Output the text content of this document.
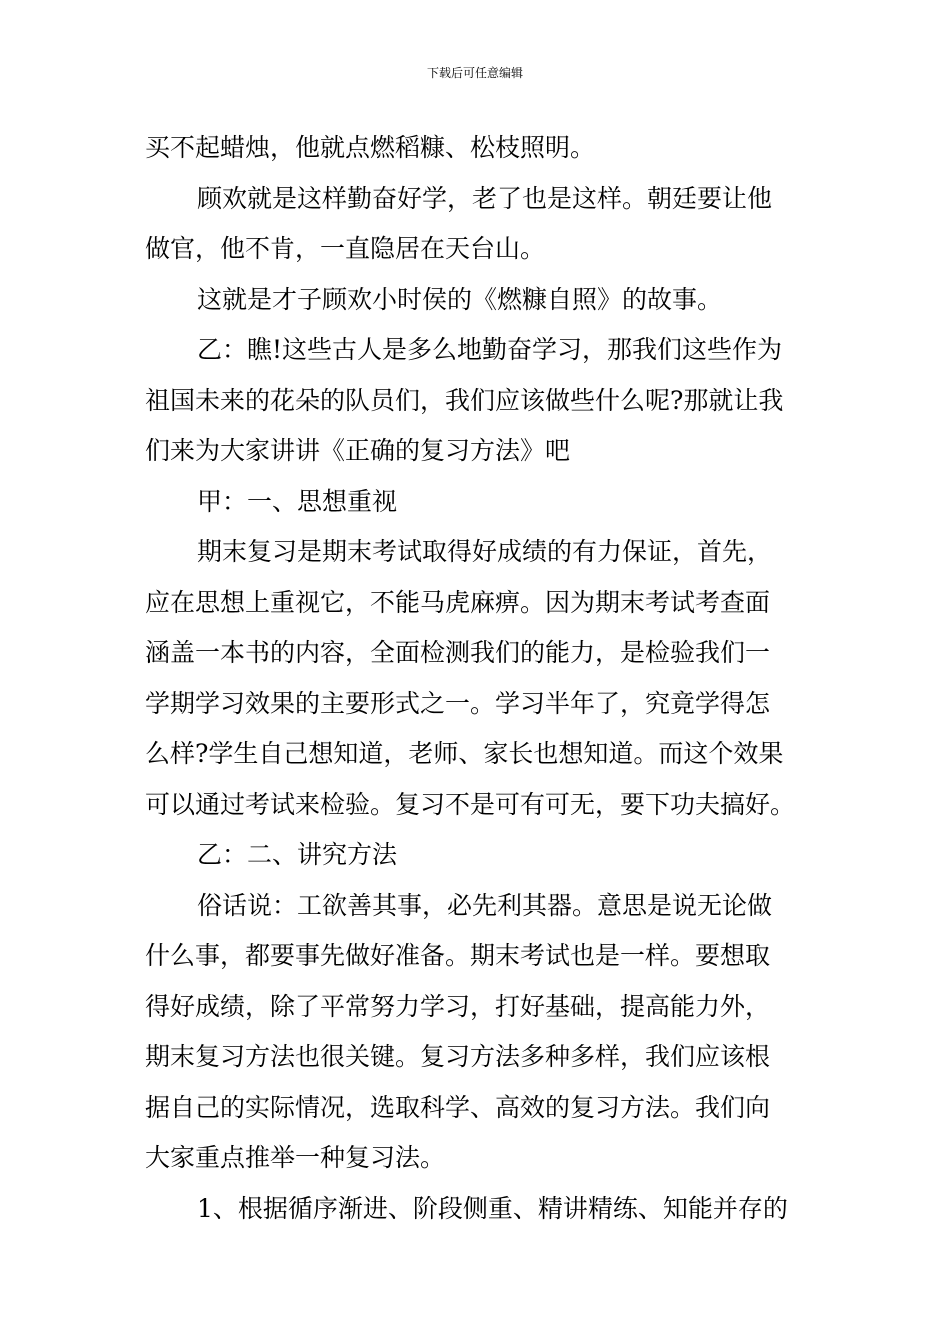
下载后可任意编辑

买不起蜡烛，他就点燃稻糠、松枝照明。

顾欢就是这样勤奋好学，老了也是这样。朝廷要让他

做官，他不肯，一直隐居在天台山。

这就是才子顾欢小时侯的《燃糠自照》的故事。

乙：瞧!这些古人是多么地勤奋学习，那我们这些作为

祖国未来的花朵的队员们，我们应该做些什么呢?那就让我

们来为大家讲讲《正确的复习方法》吧

甲：一、思想重视

期末复习是期末考试取得好成绩的有力保证，首先，

应在思想上重视它，不能马虎麻痹。因为期末考试考查面

涵盖一本书的内容，全面检测我们的能力，是检验我们一

学期学习效果的主要形式之一。学习半年了，究竟学得怎

么样?学生自己想知道，老师、家长也想知道。而这个效果

可以通过考试来检验。复习不是可有可无，要下功夫搞好。

乙：二、讲究方法

俗话说：工欲善其事，必先利其器。意思是说无论做

什么事，都要事先做好准备。期末考试也是一样。要想取

得好成绩，除了平常努力学习，打好基础，提高能力外，

期末复习方法也很关键。复习方法多种多样，我们应该根

据自己的实际情况，选取科学、高效的复习方法。我们向

大家重点推举一种复习法。

1、根据循序渐进、阶段侧重、精讲精练、知能并存的
